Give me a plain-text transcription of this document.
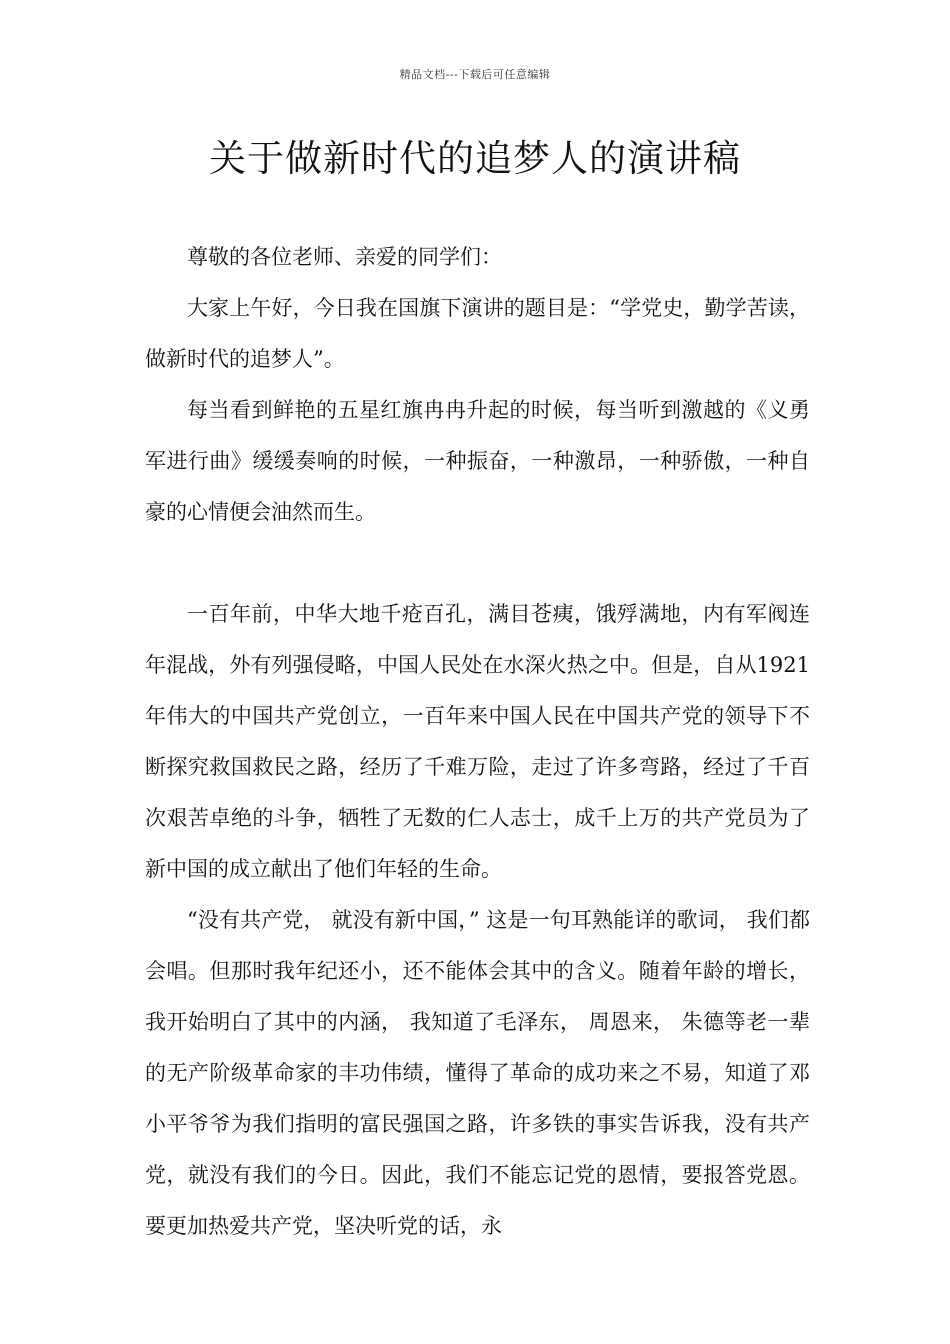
精品文档---下载后可任意编辑
关于做新时代的追梦人的演讲稿

尊敬的各位老师、亲爱的同学们：

大家上午好，今日我在国旗下演讲的题目是：“学党史，勤学苦读，做新时代的追梦人”。

每当看到鲜艳的五星红旗冉冉升起的时候，每当听到激越的《义勇军进行曲》缓缓奏响的时候，一种振奋，一种激昂，一种骄傲，一种自豪的心情便会油然而生。

一百年前，中华大地千疮百孔，满目苍痍，饿殍满地，内有军阀连年混战，外有列强侵略，中国人民处在水深火热之中。但是，自从1921年伟大的中国共产党创立，一百年来中国人民在中国共产党的领导下不断探究救国救民之路，经历了千难万险，走过了许多弯路，经过了千百次艰苦卓绝的斗争，牺牲了无数的仁人志士，成千上万的共产党员为了新中国的成立献出了他们年轻的生命。

“没有共产党， 就没有新中国，” 这是一句耳熟能详的歌词， 我们都会唱。但那时我年纪还小，还不能体会其中的含义。随着年龄的增长， 我开始明白了其中的内涵， 我知道了毛泽东， 周恩来， 朱德等老一辈的无产阶级革命家的丰功伟绩，懂得了革命的成功来之不易，知道了邓小平爷爷为我们指明的富民强国之路，许多铁的事实告诉我，没有共产党，就没有我们的今日。因此，我们不能忘记党的恩情，要报答党恩。要更加热爱共产党，坚决听党的话，永
